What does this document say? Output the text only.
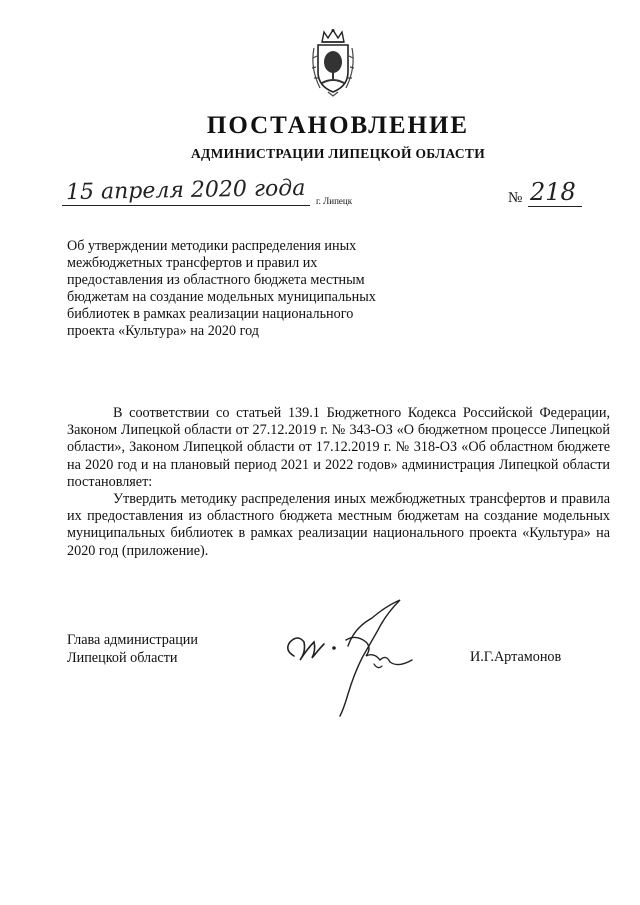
ПОСТАНОВЛЕНИЕ
АДМИНИСТРАЦИИ ЛИПЕЦКОЙ ОБЛАСТИ
15 апреля 2020 года г. Липецк	№ 218
Об утверждении методики распределения иных
межбюджетных трансфертов и правил их
предоставления из областного бюджета местным
бюджетам на создание модельных муниципальных
библиотек в рамках реализации национального
проекта «Культура» на 2020 год

В соответствии со статьей 139.1 Бюджетного Кодекса Российской Федерации, Законом Липецкой области от 27.12.2019 г. № 343-ОЗ «О бюджетном процессе Липецкой области», Законом Липецкой области от 17.12.2019 г. № 318-ОЗ «Об областном бюджете на 2020 год и на плановый период 2021 и 2022 годов» администрация Липецкой области постановляет:

Утвердить методику распределения иных межбюджетных трансфертов и правила их предоставления из областного бюджета местным бюджетам на создание модельных муниципальных библиотек в рамках реализации национального проекта «Культура» на 2020 год (приложение).

Глава администрации
Липецкой области	И.Г.Артамонов
